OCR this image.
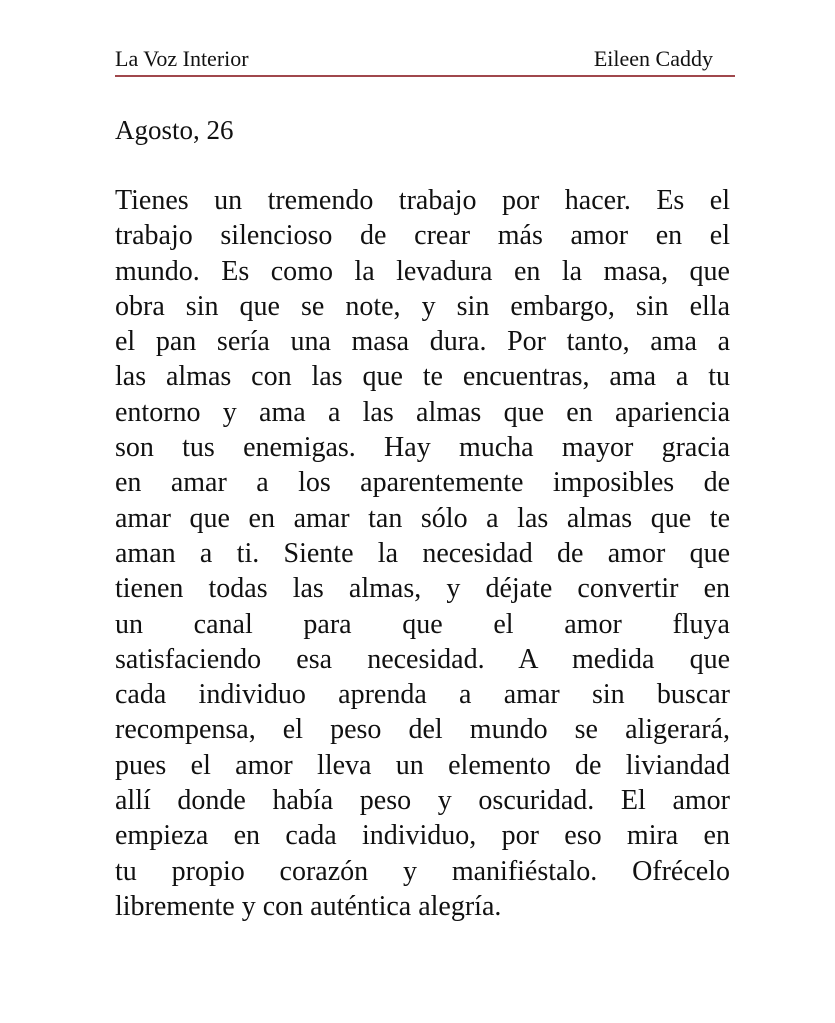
La Voz Interior	Eileen Caddy
Agosto, 26
Tienes un tremendo trabajo por hacer. Es el
trabajo silencioso de crear más amor en el
mundo. Es como la levadura en la masa, que
obra sin que se note, y sin embargo, sin ella
el pan sería una masa dura. Por tanto, ama a
las almas con las que te encuentras, ama a tu
entorno y ama a las almas que en apariencia
son tus enemigas. Hay mucha mayor gracia
en amar a los aparentemente imposibles de
amar que en amar tan sólo a las almas que te
aman a ti. Siente la necesidad de amor que
tienen todas las almas, y déjate convertir en
un canal para que el amor fluya
satisfaciendo esa necesidad. A medida que
cada individuo aprenda a amar sin buscar
recompensa, el peso del mundo se aligerará,
pues el amor lleva un elemento de liviandad
allí donde había peso y oscuridad. El amor
empieza en cada individuo, por eso mira en
tu propio corazón y manifiéstalo. Ofrécelo
libremente y con auténtica alegría.
